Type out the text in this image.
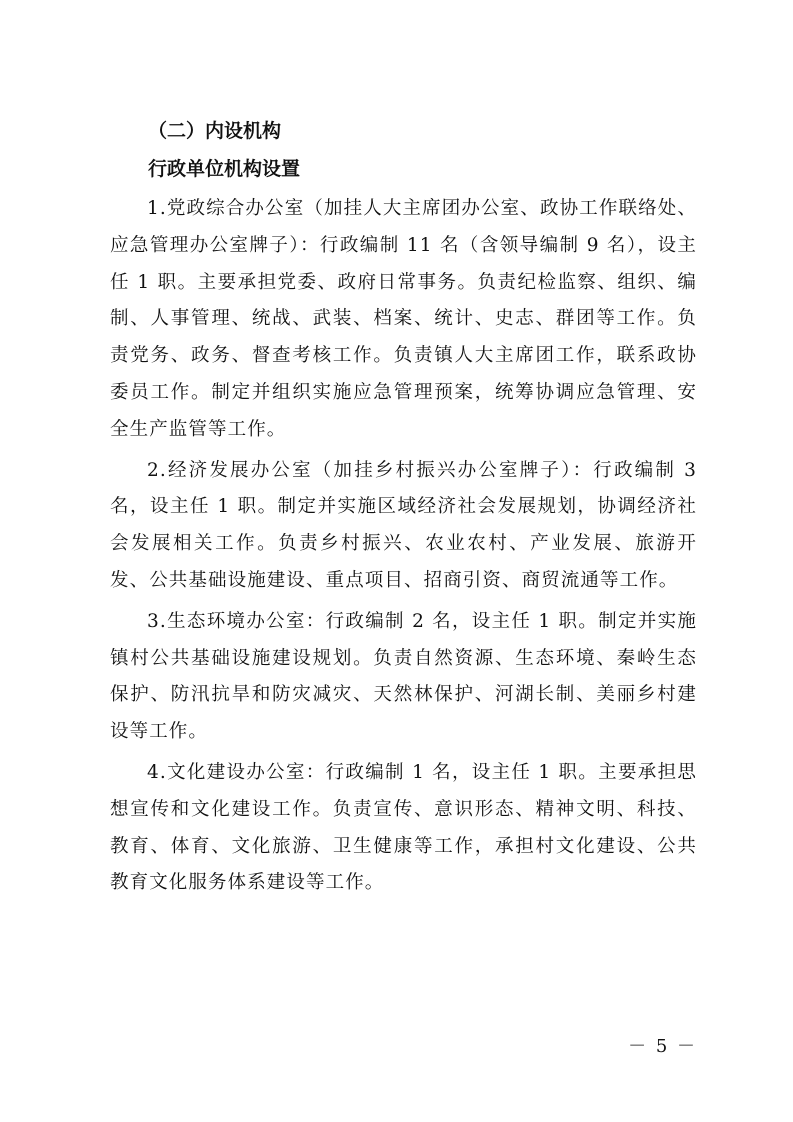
（二）内设机构

行政单位机构设置

1.党政综合办公室（加挂人大主席团办公室、政协工作联络处、应急管理办公室牌子）：行政编制 11 名（含领导编制 9 名），设主任 1 职。主要承担党委、政府日常事务。负责纪检监察、组织、编制、人事管理、统战、武装、档案、统计、史志、群团等工作。负责党务、政务、督查考核工作。负责镇人大主席团工作，联系政协委员工作。制定并组织实施应急管理预案，统筹协调应急管理、安全生产监管等工作。

2.经济发展办公室（加挂乡村振兴办公室牌子）：行政编制 3 名，设主任 1 职。制定并实施区域经济社会发展规划，协调经济社会发展相关工作。负责乡村振兴、农业农村、产业发展、旅游开发、公共基础设施建设、重点项目、招商引资、商贸流通等工作。

3.生态环境办公室：行政编制 2 名，设主任 1 职。制定并实施镇村公共基础设施建设规划。负责自然资源、生态环境、秦岭生态保护、防汛抗旱和防灾减灾、天然林保护、河湖长制、美丽乡村建设等工作。

4.文化建设办公室：行政编制 1 名，设主任 1 职。主要承担思想宣传和文化建设工作。负责宣传、意识形态、精神文明、科技、教育、体育、文化旅游、卫生健康等工作，承担村文化建设、公共教育文化服务体系建设等工作。

－ 5 －
